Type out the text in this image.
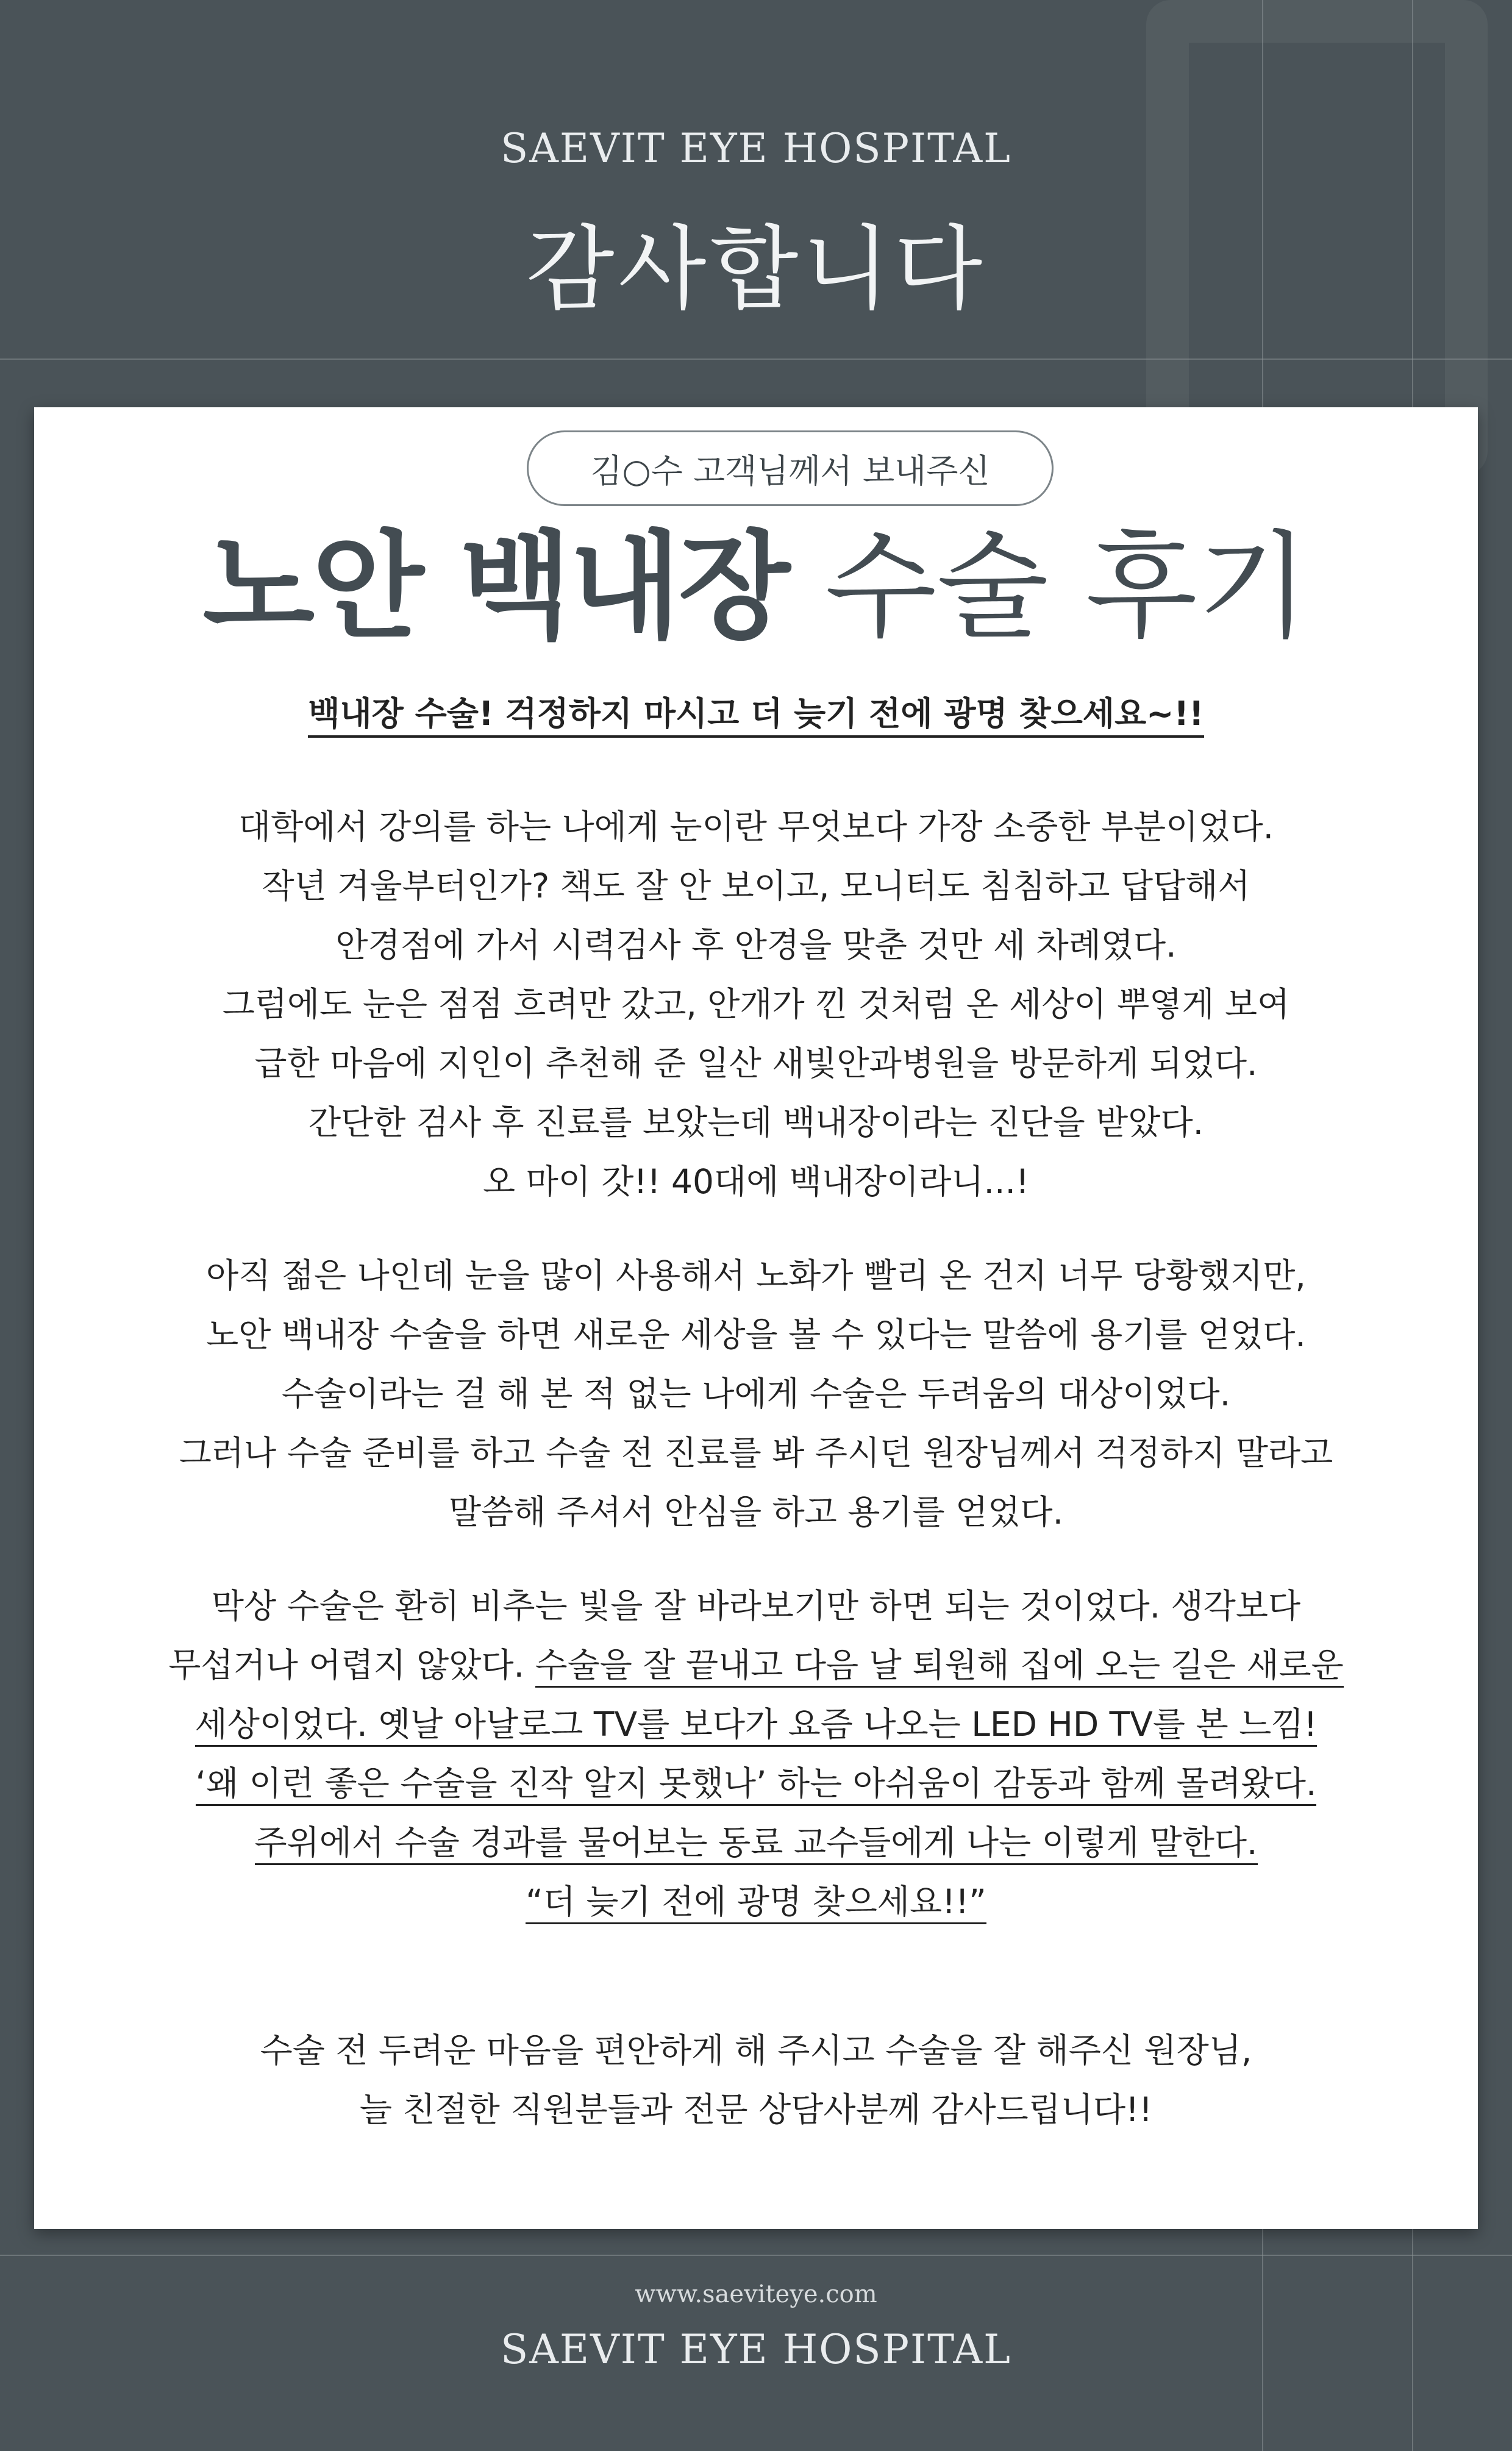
SAEVIT EYE HOSPITAL
감사합니다
김○수 고객님께서 보내주신
노안 백내장 수술 후기
백내장 수술! 걱정하지 마시고 더 늦기 전에 광명 찾으세요~!!
대학에서 강의를 하는 나에게 눈이란 무엇보다 가장 소중한 부분이었다.
작년 겨울부터인가? 책도 잘 안 보이고, 모니터도 침침하고 답답해서
안경점에 가서 시력검사 후 안경을 맞춘 것만 세 차례였다.
그럼에도 눈은 점점 흐려만 갔고, 안개가 낀 것처럼 온 세상이 뿌옇게 보여
급한 마음에 지인이 추천해 준 일산 새빛안과병원을 방문하게 되었다.
간단한 검사 후 진료를 보았는데 백내장이라는 진단을 받았다.
오 마이 갓!! 40대에 백내장이라니...!
아직 젊은 나인데 눈을 많이 사용해서 노화가 빨리 온 건지 너무 당황했지만,
노안 백내장 수술을 하면 새로운 세상을 볼 수 있다는 말씀에 용기를 얻었다.
수술이라는 걸 해 본 적 없는 나에게 수술은 두려움의 대상이었다.
그러나 수술 준비를 하고 수술 전 진료를 봐 주시던 원장님께서 걱정하지 말라고
말씀해 주셔서 안심을 하고 용기를 얻었다.
막상 수술은 환히 비추는 빛을 잘 바라보기만 하면 되는 것이었다. 생각보다
무섭거나 어렵지 않았다. 수술을 잘 끝내고 다음 날 퇴원해 집에 오는 길은 새로운
세상이었다. 옛날 아날로그 TV를 보다가 요즘 나오는 LED HD TV를 본 느낌!
‘왜 이런 좋은 수술을 진작 알지 못했나’ 하는 아쉬움이 감동과 함께 몰려왔다.
주위에서 수술 경과를 물어보는 동료 교수들에게 나는 이렇게 말한다.
“더 늦기 전에 광명 찾으세요!!”
수술 전 두려운 마음을 편안하게 해 주시고 수술을 잘 해주신 원장님,
늘 친절한 직원분들과 전문 상담사분께 감사드립니다!!
www.saeviteye.com
SAEVIT EYE HOSPITAL
